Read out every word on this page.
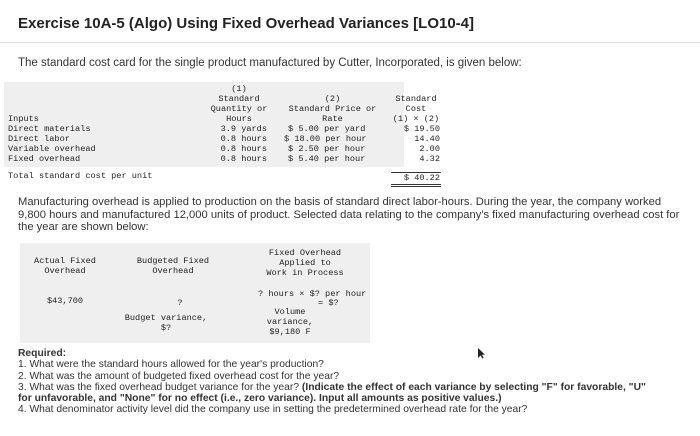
Exercise 10A-5 (Algo) Using Fixed Overhead Variances [LO10-4]
The standard cost card for the single product manufactured by Cutter, Incorporated, is given below:
(1)
Standard
Quantity or
Hours
(2)
Standard Price or
Rate
Standard
Cost
(1) × (2)
Inputs
Direct materials	3.9 yards $ 5.00 per yard	$ 19.50
Direct labor	0.8 hours $ 18.00 per hour	14.40
Variable overhead	0.8 hours $ 2.50 per hour	2.00
Fixed overhead	0.8 hours $ 5.40 per hour	4.32
Total standard cost per unit	$ 40.22
Manufacturing overhead is applied to production on the basis of standard direct labor-hours. During the year, the company worked
9,800 hours and manufactured 12,000 units of product. Selected data relating to the company's fixed manufacturing overhead cost for
the year are shown below:
Actual Fixed
Overhead
$43,700
Budgeted Fixed
Overhead
?
Fixed Overhead
Applied to
Work in Process
? hours × $? per hour
= $?
Budget variance,
$?
Volume
variance,
$9,180 F
Required:
1. What were the standard hours allowed for the year's production?
2. What was the amount of budgeted fixed overhead cost for the year?
3. What was the fixed overhead budget variance for the year? (Indicate the effect of each variance by selecting "F" for favorable, "U"
for unfavorable, and "None" for no effect (i.e., zero variance). Input all amounts as positive values.)
4. What denominator activity level did the company use in setting the predetermined overhead rate for the year?
